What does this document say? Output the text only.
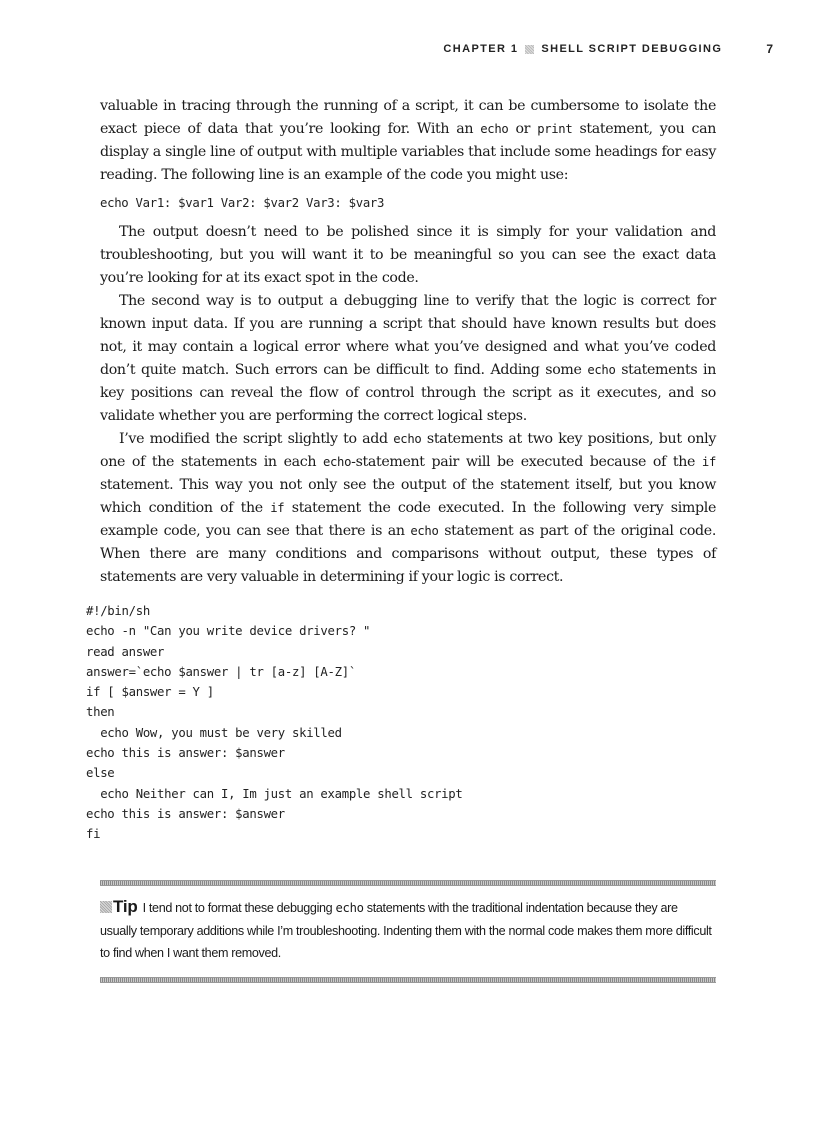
CHAPTER 1 SHELL SCRIPT DEBUGGING	7

valuable in tracing through the running of a script, it can be cumbersome to isolate the exact piece of data that you’re looking for. With an echo or print statement, you can display a single line of output with multiple variables that include some headings for easy reading. The following line is an example of the code you might use:

echo Var1: $var1 Var2: $var2 Var3: $var3

The output doesn’t need to be polished since it is simply for your validation and troubleshooting, but you will want it to be meaningful so you can see the exact data you’re looking for at its exact spot in the code.

The second way is to output a debugging line to verify that the logic is correct for known input data. If you are running a script that should have known results but does not, it may contain a logical error where what you’ve designed and what you’ve coded don’t quite match. Such errors can be difficult to find. Adding some echo statements in key positions can reveal the flow of control through the script as it executes, and so validate whether you are performing the correct logical steps.

I’ve modified the script slightly to add echo statements at two key positions, but only one of the statements in each echo-statement pair will be executed because of the if statement. This way you not only see the output of the statement itself, but you know which condition of the if statement the code executed. In the following very simple example code, you can see that there is an echo statement as part of the original code. When there are many conditions and comparisons without output, these types of statements are very valuable in determining if your logic is correct.

#!/bin/sh
echo -n "Can you write device drivers? "
read answer
answer=`echo $answer | tr [a-z] [A-Z]`
if [ $answer = Y ]
then
echo Wow, you must be very skilled
echo this is answer: $answer
else
echo Neither can I, Im just an example shell script
echo this is answer: $answer
fi

Tip I tend not to format these debugging echo statements with the traditional indentation because they are usually temporary additions while I’m troubleshooting. Indenting them with the normal code makes them more difficult to find when I want them removed.
